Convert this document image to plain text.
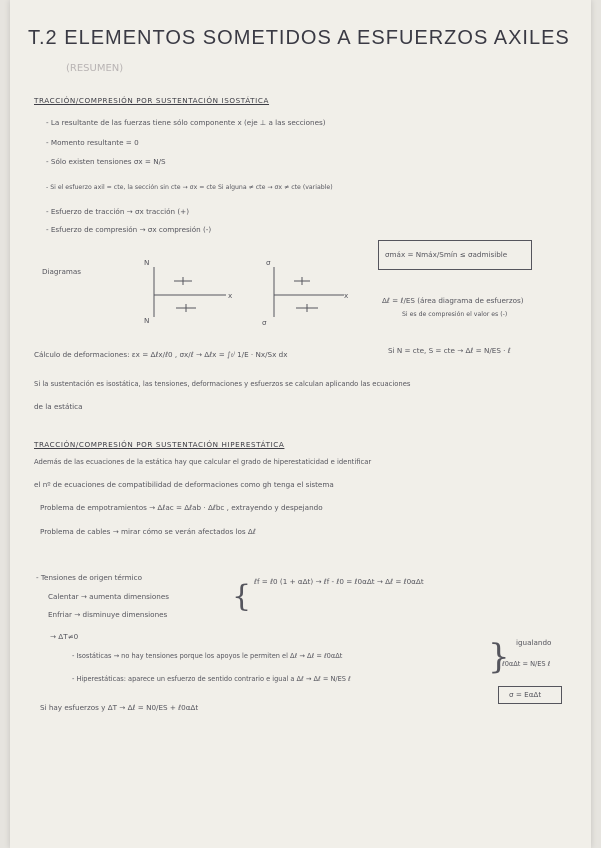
T.2 ELEMENTOS SOMETIDOS A ESFUERZOS AXILES
(RESUMEN)
TRACCIÓN/COMPRESIÓN POR SUSTENTACIÓN ISOSTÁTICA
- La resultante de las fuerzas tiene sólo componente x (eje ⊥ a las secciones)
- Momento resultante = 0
- Sólo existen tensiones σx = N/S
- Si el esfuerzo axil = cte, la sección sin cte → σx = cte Si alguna ≠ cte → σx ≠ cte (variable)
- Esfuerzo de tracción → σx tracción (+)
- Esfuerzo de compresión → σx compresión (-)
σmáx = Nmáx/Smín ≤ σadmisible
Diagramas
N
N
x
σ
σ
x
Δℓ = ℓ/ES (área diagrama de esfuerzos)
Si es de compresión el valor es (-)
Cálculo de deformaciones: εx = Δℓx/ℓ0 , σx/ℓ → Δℓx = ∫₀ˡ 1/E · Nx/Sx dx	Si N = cte, S = cte → Δℓ = N/ES · ℓ
Si la sustentación es isostática, las tensiones, deformaciones y esfuerzos se calculan aplicando las ecuaciones
de la estática
TRACCIÓN/COMPRESIÓN POR SUSTENTACIÓN HIPERESTÁTICA
Además de las ecuaciones de la estática hay que calcular el grado de hiperestaticidad e identificar
el nº de ecuaciones de compatibilidad de deformaciones como gh tenga el sistema
Problema de empotramientos → Δℓac = Δℓab · Δℓbc , extrayendo y despejando
Problema de cables → mirar cómo se verán afectados los Δℓ
- Tensiones de origen térmico
Calentar → aumenta dimensiones
Enfriar → disminuye dimensiones
{ ℓf = ℓ0 (1 + αΔt) → ℓf - ℓ0 = ℓ0αΔt → Δℓ = ℓ0αΔt
→ ΔT≠0
- Isostáticas → no hay tensiones porque los apoyos le permiten el Δℓ → Δℓ = ℓ0αΔt
- Hiperestáticas: aparece un esfuerzo de sentido contrario e igual a Δℓ → Δℓ = N/ES ℓ
} igualando
ℓ0αΔt = N/ES ℓ
σ = EαΔt
Si hay esfuerzos y ΔT → Δℓ = N0/ES + ℓ0αΔt
